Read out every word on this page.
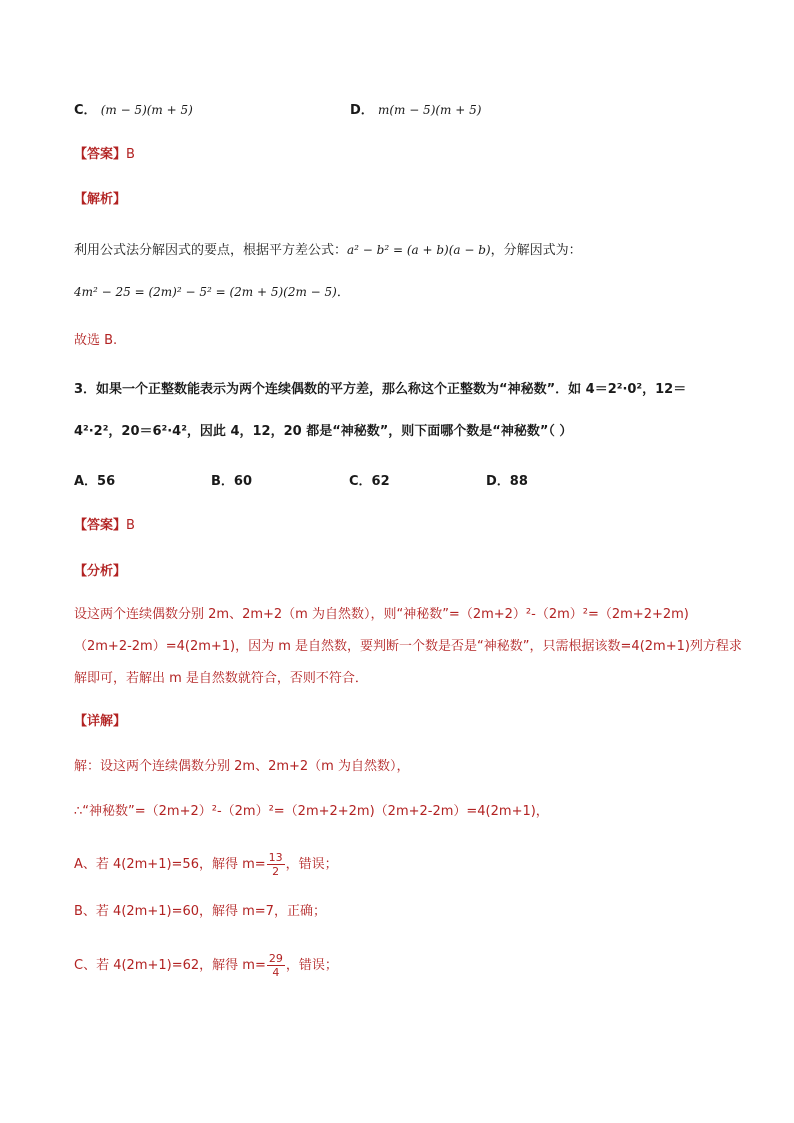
C． (m − 5)(m + 5)	D． m(m − 5)(m + 5)
【答案】B
【解析】
利用公式法分解因式的要点，根据平方差公式：a² − b² = (a + b)(a − b)，分解因式为：
4m² − 25 = (2m)² − 5² = (2m + 5)(2m − 5)．
故选 B.
3．如果一个正整数能表示为两个连续偶数的平方差，那么称这个正整数为“神秘数”．如 4＝2²·0²，12＝
4²·2²，20＝6²·4²，因此 4，12，20 都是“神秘数”，则下面哪个数是“神秘数”（ ）
A．56	B．60	C．62	D．88
【答案】B
【分析】
设这两个连续偶数分别 2m、2m+2（m 为自然数），则“神秘数”=（2m+2）²-（2m）²=（2m+2+2m)
（2m+2-2m）=4(2m+1)，因为 m 是自然数，要判断一个数是否是“神秘数”，只需根据该数=4(2m+1)列方程求
解即可，若解出 m 是自然数就符合，否则不符合．
【详解】
解：设这两个连续偶数分别 2m、2m+2（m 为自然数），
∴“神秘数”=（2m+2）²-（2m）²=（2m+2+2m)（2m+2-2m）=4(2m+1)，
A、若 4(2m+1)=56，解得 $m= \frac{13}{2}$ ，错误；
B、若 4(2m+1)=60，解得 m=7，正确；
C、若 4(2m+1)=62，解得 $m= \frac{29}{4}$ ，错误；
